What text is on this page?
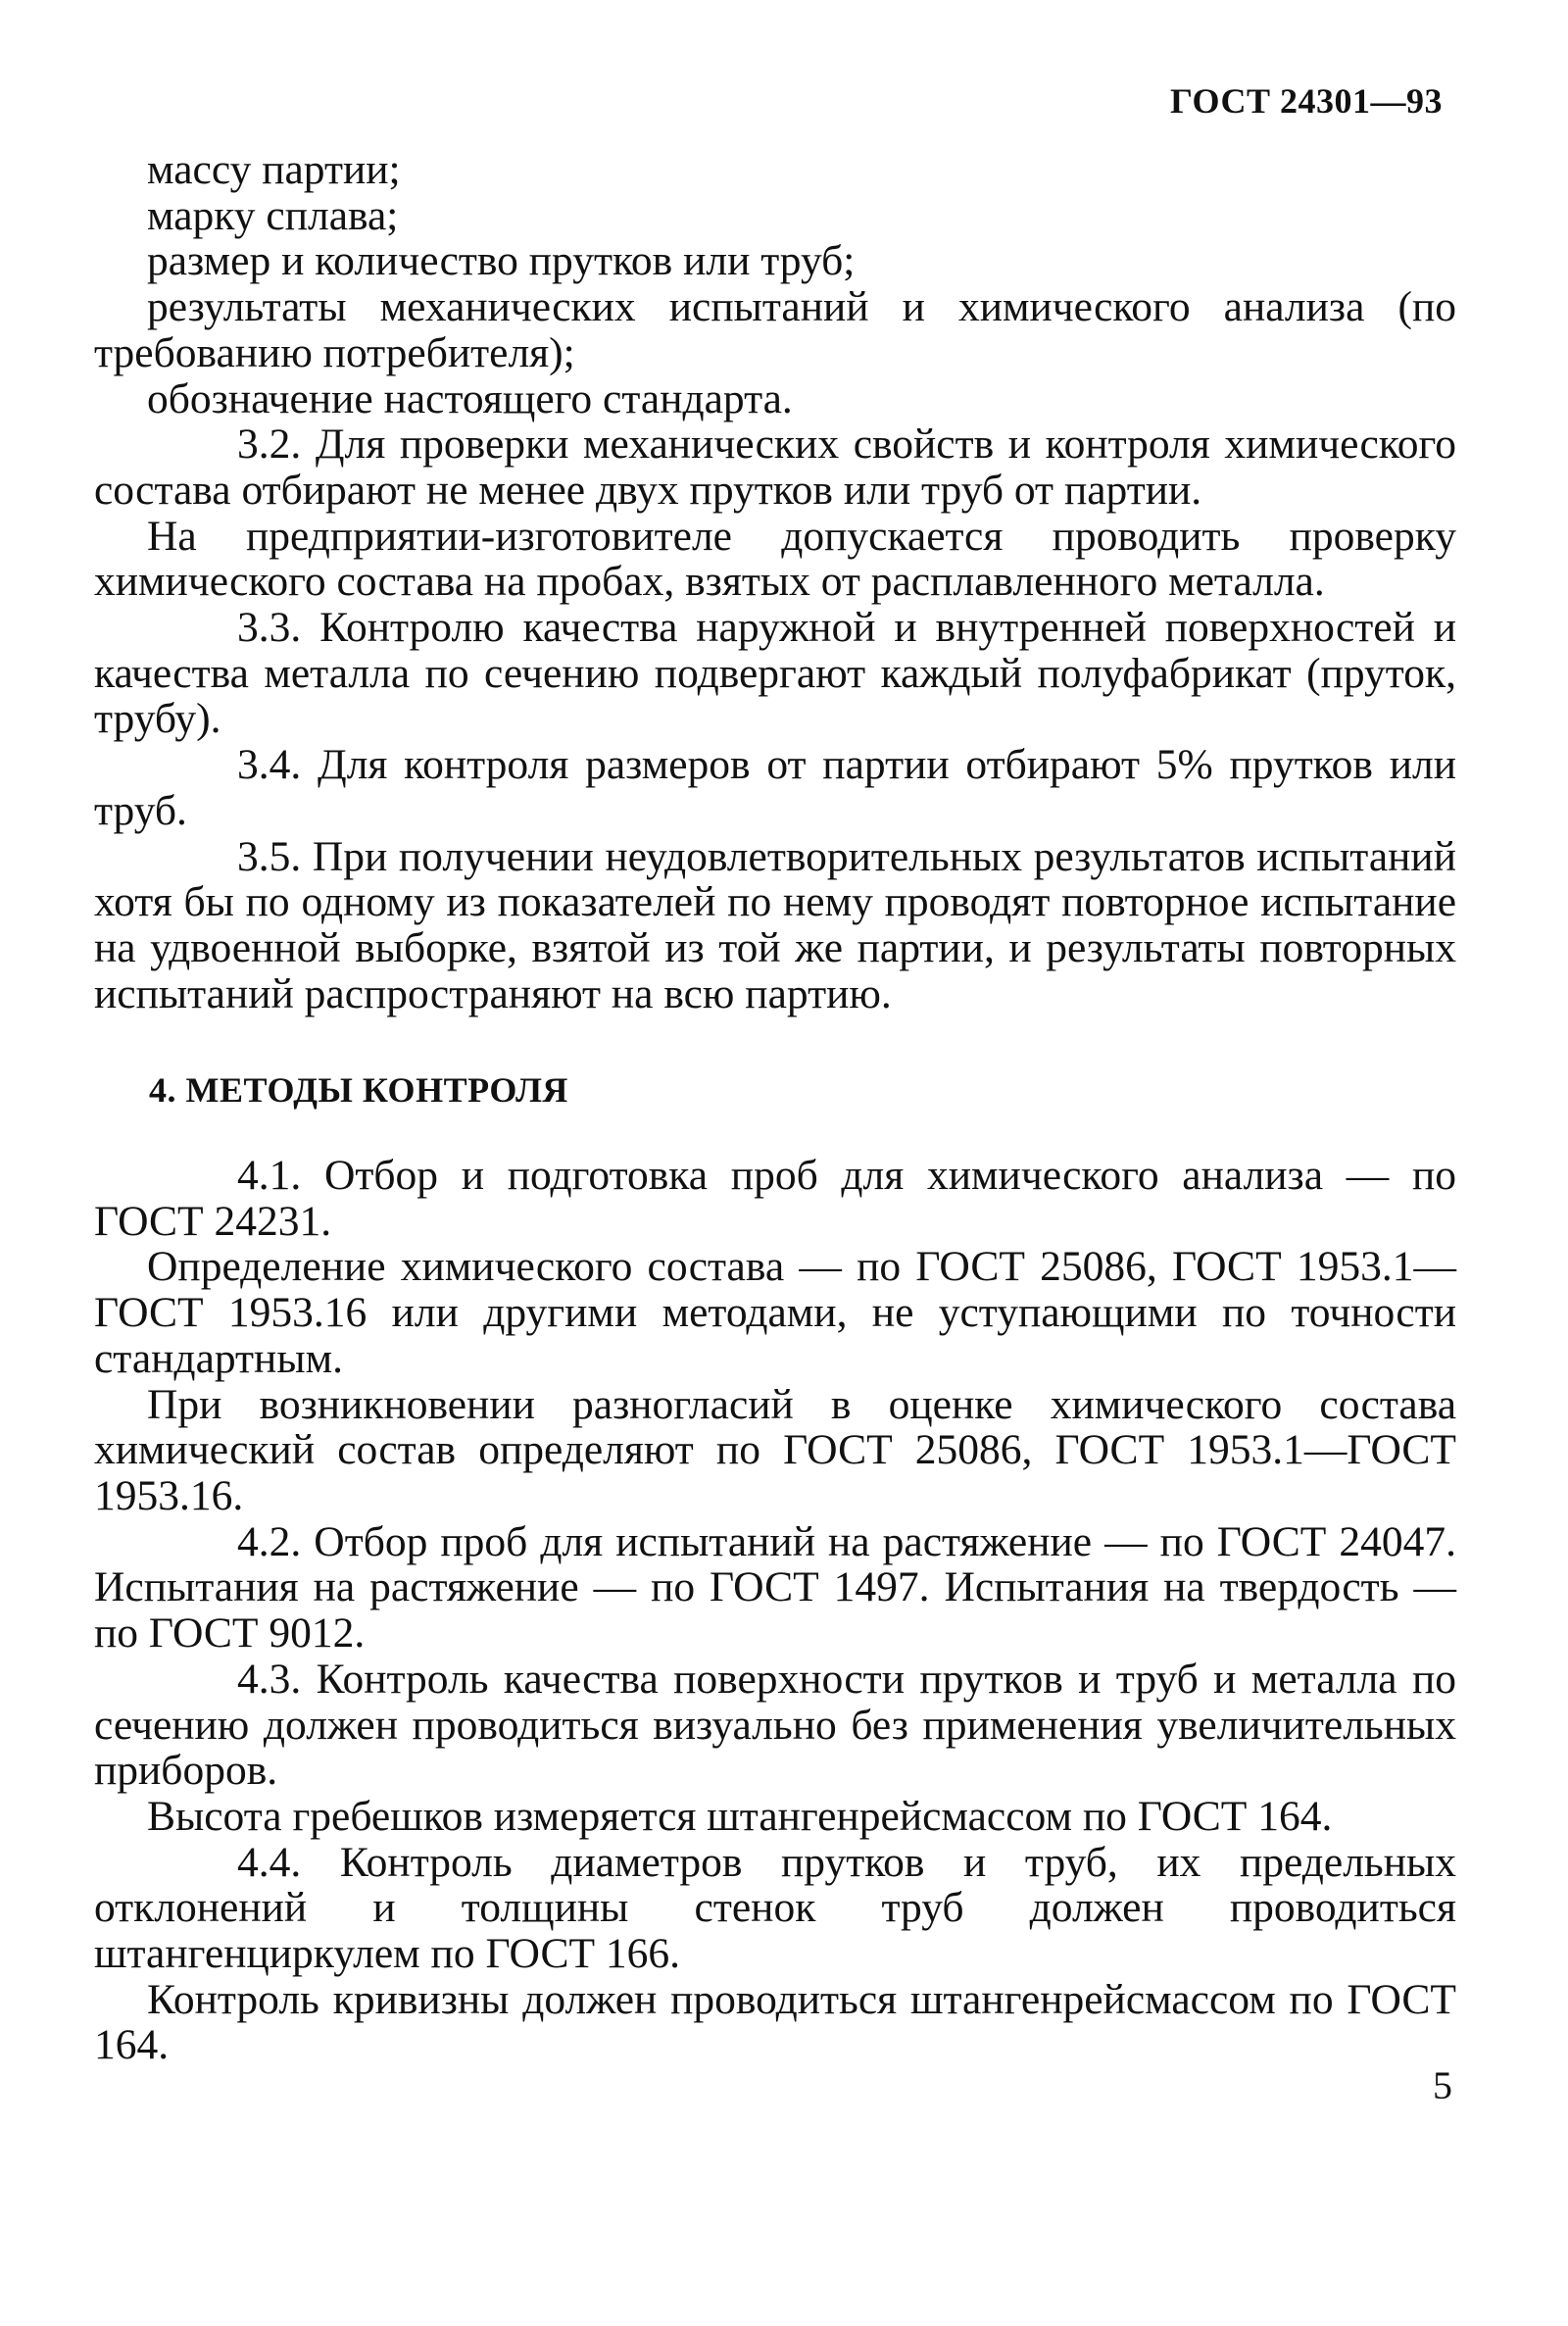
ГОСТ 24301—93

массу партии;

марку сплава;

размер и количество прутков или труб;

результаты механических испытаний и химического анализа (по требованию потребителя);

обозначение настоящего стандарта.

3.2. Для проверки механических свойств и контроля химического состава отбирают не менее двух прутков или труб от партии.

На предприятии-изготовителе допускается проводить проверку химического состава на пробах, взятых от расплавленного металла.

3.3. Контролю качества наружной и внутренней поверхностей и качества металла по сечению подвергают каждый полуфабрикат (пруток, трубу).

3.4. Для контроля размеров от партии отбирают 5% прутков или труб.

3.5. При получении неудовлетворительных результатов испытаний хотя бы по одному из показателей по нему проводят повторное испытание на удвоенной выборке, взятой из той же партии, и результаты повторных испытаний распространяют на всю партию.

4. МЕТОДЫ КОНТРОЛЯ

4.1. Отбор и подготовка проб для химического анализа — по ГОСТ 24231.

Определение химического состава — по ГОСТ 25086, ГОСТ 1953.1—ГОСТ 1953.16 или другими методами, не уступающими по точности стандартным.

При возникновении разногласий в оценке химического состава химический состав определяют по ГОСТ 25086, ГОСТ 1953.1—ГОСТ 1953.16.

4.2. Отбор проб для испытаний на растяжение — по ГОСТ 24047. Испытания на растяжение — по ГОСТ 1497. Испытания на твердость — по ГОСТ 9012.

4.3. Контроль качества поверхности прутков и труб и металла по сечению должен проводиться визуально без применения увеличительных приборов.

Высота гребешков измеряется штангенрейсмассом по ГОСТ 164.

4.4. Контроль диаметров прутков и труб, их предельных отклонений и толщины стенок труб должен проводиться штангенциркулем по ГОСТ 166.

Контроль кривизны должен проводиться штангенрейсмассом по ГОСТ 164.

5
